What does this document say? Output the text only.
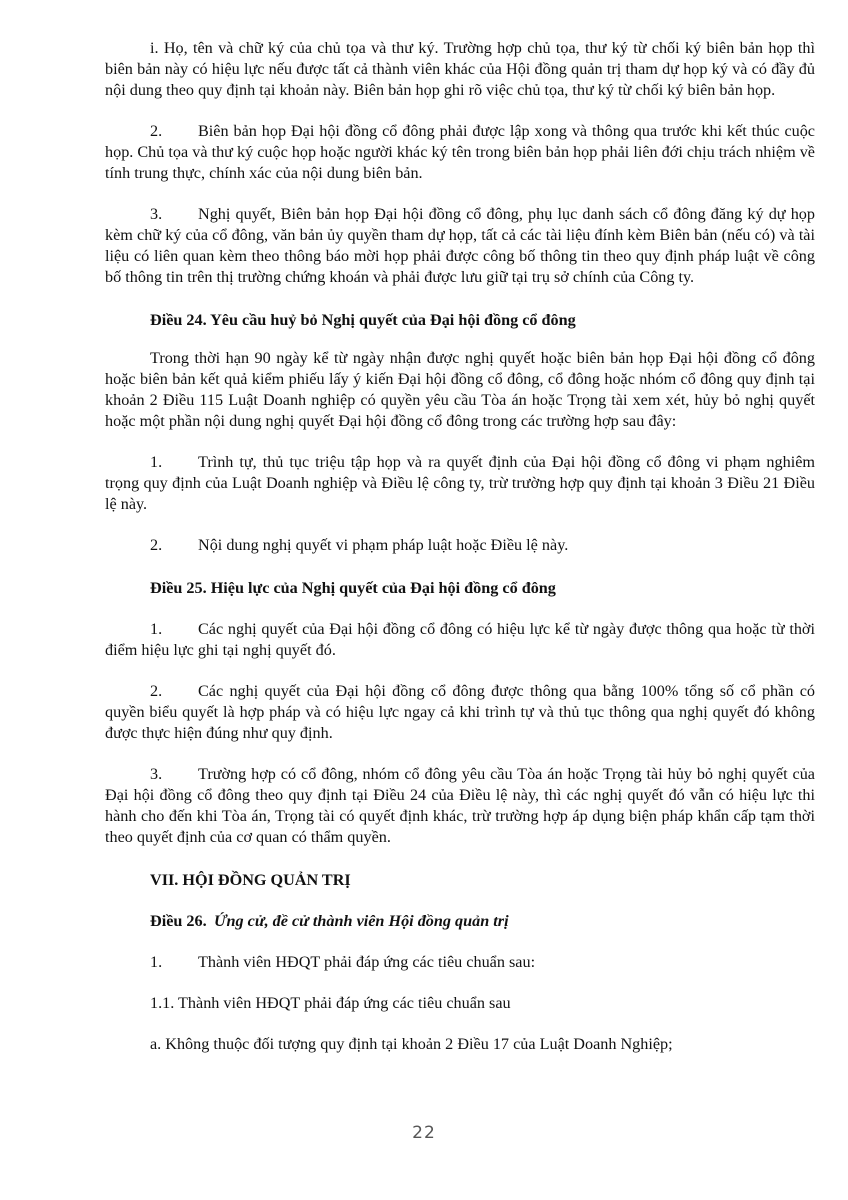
i. Họ, tên và chữ ký của chủ tọa và thư ký. Trường hợp chủ tọa, thư ký từ chối ký biên bản họp thì biên bản này có hiệu lực nếu được tất cả thành viên khác của Hội đồng quản trị tham dự họp ký và có đầy đủ nội dung theo quy định tại khoản này. Biên bản họp ghi rõ việc chủ tọa, thư ký từ chối ký biên bản họp.

2. Biên bản họp Đại hội đồng cổ đông phải được lập xong và thông qua trước khi kết thúc cuộc họp. Chủ tọa và thư ký cuộc họp hoặc người khác ký tên trong biên bản họp phải liên đới chịu trách nhiệm về tính trung thực, chính xác của nội dung biên bản.

3. Nghị quyết, Biên bản họp Đại hội đồng cổ đông, phụ lục danh sách cổ đông đăng ký dự họp kèm chữ ký của cổ đông, văn bản ủy quyền tham dự họp, tất cả các tài liệu đính kèm Biên bản (nếu có) và tài liệu có liên quan kèm theo thông báo mời họp phải được công bố thông tin theo quy định pháp luật về công bố thông tin trên thị trường chứng khoán và phải được lưu giữ tại trụ sở chính của Công ty.

Điều 24. Yêu cầu huỷ bỏ Nghị quyết của Đại hội đồng cổ đông

Trong thời hạn 90 ngày kể từ ngày nhận được nghị quyết hoặc biên bản họp Đại hội đồng cổ đông hoặc biên bản kết quả kiểm phiếu lấy ý kiến Đại hội đồng cổ đông, cổ đông hoặc nhóm cổ đông quy định tại khoản 2 Điều 115 Luật Doanh nghiệp có quyền yêu cầu Tòa án hoặc Trọng tài xem xét, hủy bỏ nghị quyết hoặc một phần nội dung nghị quyết Đại hội đồng cổ đông trong các trường hợp sau đây:

1. Trình tự, thủ tục triệu tập họp và ra quyết định của Đại hội đồng cổ đông vi phạm nghiêm trọng quy định của Luật Doanh nghiệp và Điều lệ công ty, trừ trường hợp quy định tại khoản 3 Điều 21 Điều lệ này.

2. Nội dung nghị quyết vi phạm pháp luật hoặc Điều lệ này.

Điều 25. Hiệu lực của Nghị quyết của Đại hội đồng cổ đông

1. Các nghị quyết của Đại hội đồng cổ đông có hiệu lực kể từ ngày được thông qua hoặc từ thời điểm hiệu lực ghi tại nghị quyết đó.

2. Các nghị quyết của Đại hội đồng cổ đông được thông qua bằng 100% tổng số cổ phần có quyền biểu quyết là hợp pháp và có hiệu lực ngay cả khi trình tự và thủ tục thông qua nghị quyết đó không được thực hiện đúng như quy định.

3. Trường hợp có cổ đông, nhóm cổ đông yêu cầu Tòa án hoặc Trọng tài hủy bỏ nghị quyết của Đại hội đồng cổ đông theo quy định tại Điều 24 của Điều lệ này, thì các nghị quyết đó vẫn có hiệu lực thi hành cho đến khi Tòa án, Trọng tài có quyết định khác, trừ trường hợp áp dụng biện pháp khẩn cấp tạm thời theo quyết định của cơ quan có thẩm quyền.

VII. HỘI ĐỒNG QUẢN TRỊ

Điều 26. Ứng cử, đề cử thành viên Hội đồng quản trị

1. Thành viên HĐQT phải đáp ứng các tiêu chuẩn sau:

1.1. Thành viên HĐQT phải đáp ứng các tiêu chuẩn sau

a. Không thuộc đối tượng quy định tại khoản 2 Điều 17 của Luật Doanh Nghiệp;

22
